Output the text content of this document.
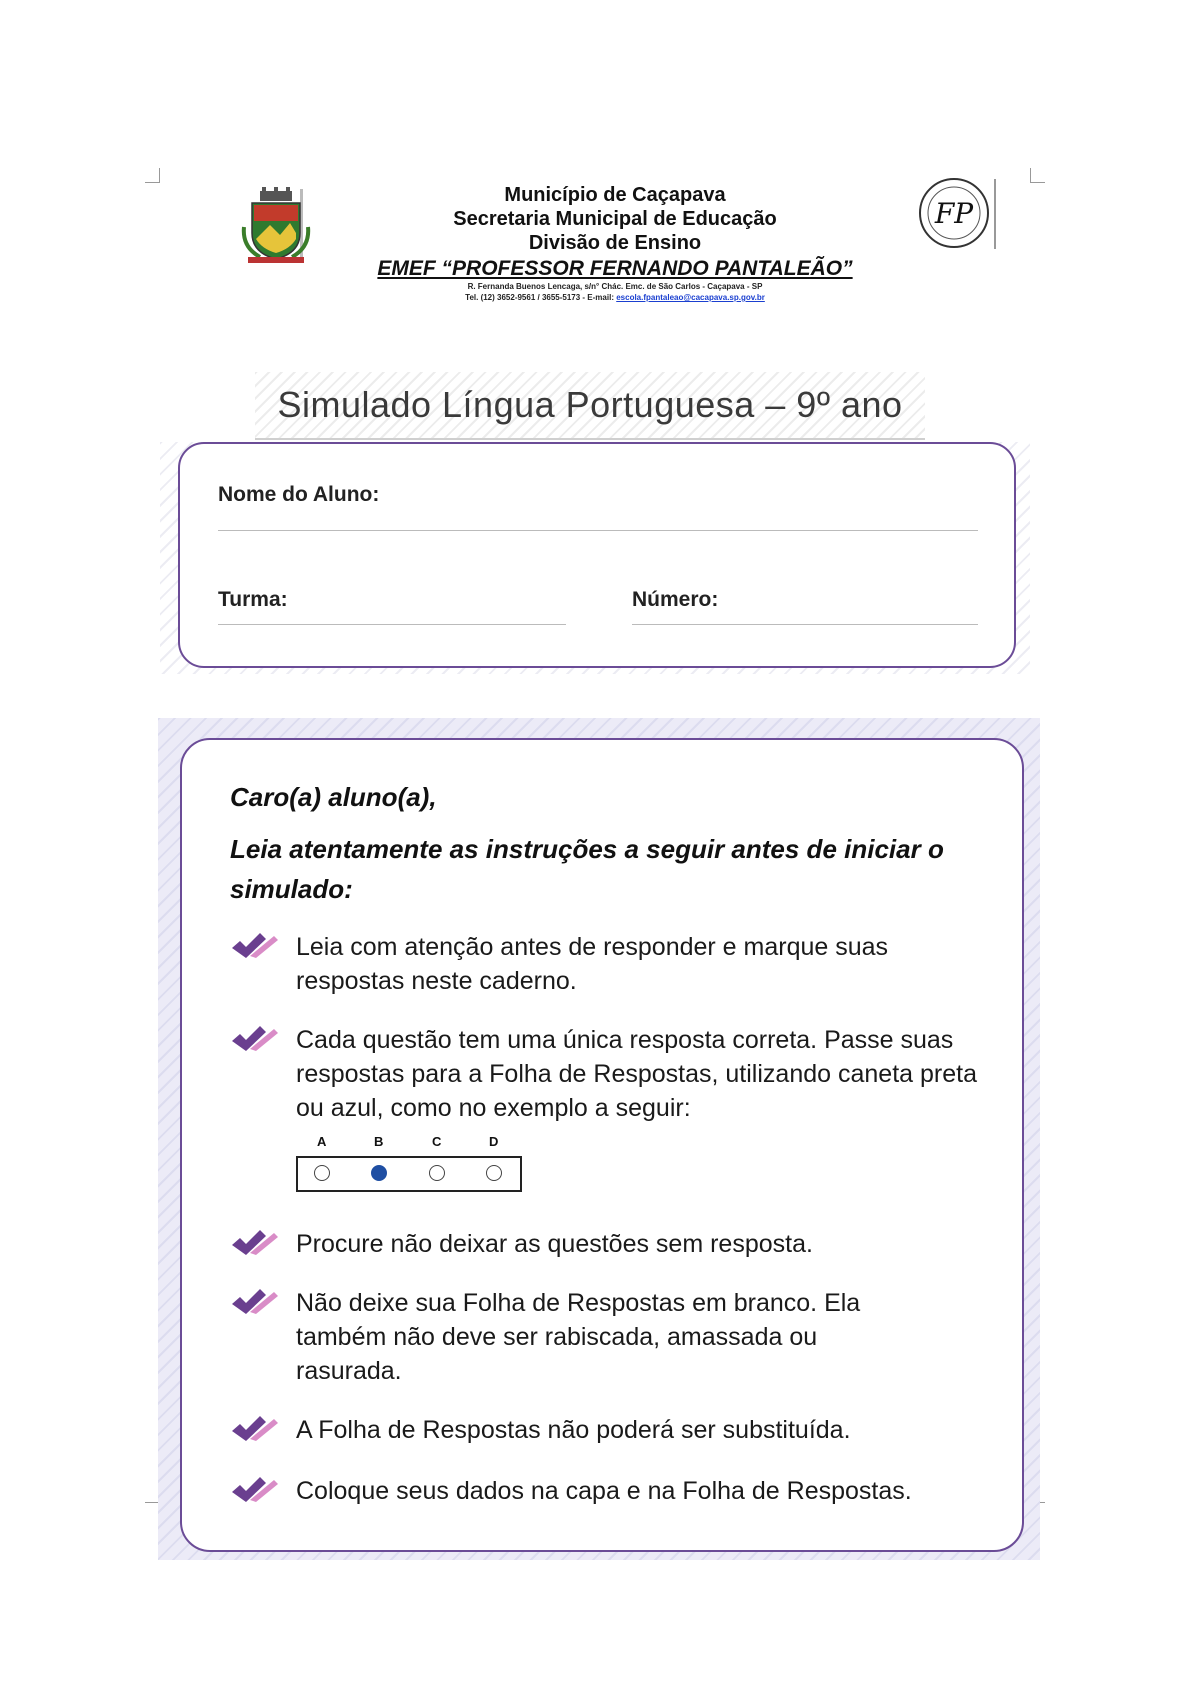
Município de Caçapava
Secretaria Municipal de Educação
Divisão de Ensino
EMEF “PROFESSOR FERNANDO PANTALEÃO”
R. Fernanda Buenos Lencaga, s/n° Chác. Emc. de São Carlos - Caçapava - SP
Tel. (12) 3652-9561 / 3655-5173 - E-mail: escola.fpantaleao@cacapava.sp.gov.br
FP
Simulado Língua Portuguesa – 9º ano
Nome do Aluno:
Turma:	Número:
Caro(a) aluno(a),
Leia atentamente as instruções a seguir antes de iniciar o simulado:
Leia com atenção antes de responder e marque suas respostas neste caderno.
Cada questão tem uma única resposta correta. Passe suas respostas para a Folha de Respostas, utilizando caneta preta ou azul, como no exemplo a seguir:
A	B	C	D
Procure não deixar as questões sem resposta.
Não deixe sua Folha de Respostas em branco. Ela também não deve ser rabiscada, amassada ou rasurada.
A Folha de Respostas não poderá ser substituída.
Coloque seus dados na capa e na Folha de Respostas.
